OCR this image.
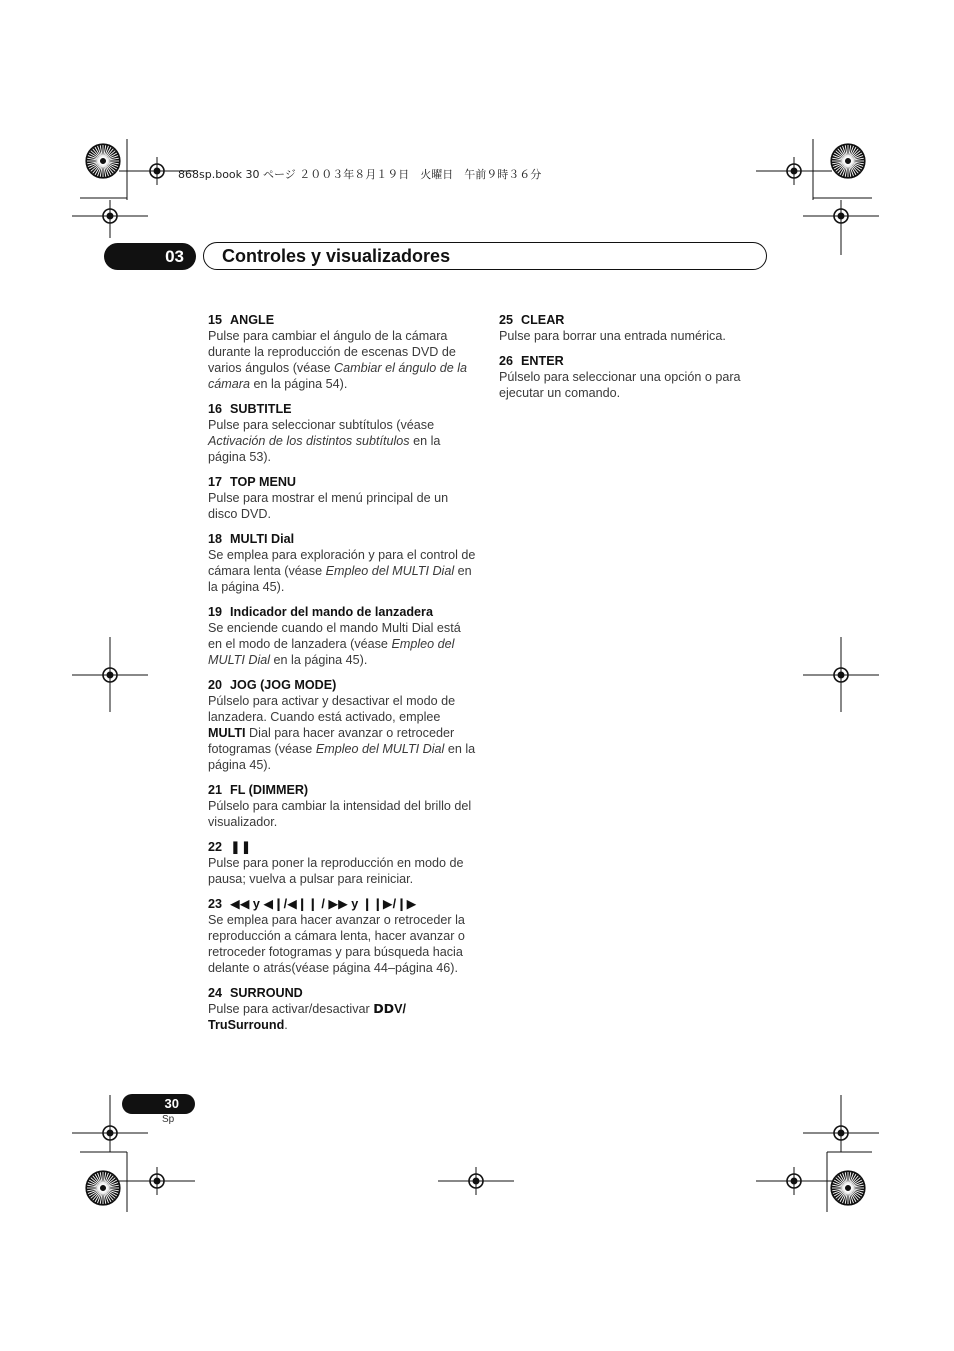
868sp.book 30 ページ ２００３年８月１９日　火曜日　午前９時３６分
03	Controles y visualizadores
15 ANGLE
Pulse para cambiar el ángulo de la cámara durante la reproducción de escenas DVD de varios ángulos (véase Cambiar el ángulo de la cámara en la página 54).
16 SUBTITLE
Pulse para seleccionar subtítulos (véase Activación de los distintos subtítulos en la página 53).
17 TOP MENU
Pulse para mostrar el menú principal de un disco DVD.
18 MULTI Dial
Se emplea para exploración y para el control de cámara lenta (véase Empleo del MULTI Dial en la página 45).
19 Indicador del mando de lanzadera
Se enciende cuando el mando Multi Dial está en el modo de lanzadera (véase Empleo del MULTI Dial en la página 45).
20 JOG (JOG MODE)
Púlselo para activar y desactivar el modo de lanzadera. Cuando está activado, emplee MULTI Dial para hacer avanzar o retroceder fotogramas (véase Empleo del MULTI Dial en la página 45).
21 FL (DIMMER)
Púlselo para cambiar la intensidad del brillo del visualizador.
22 ❚❚
Pulse para poner la reproducción en modo de pausa; vuelva a pulsar para reiniciar.
23 ◀◀ y ◀❙/◀❙❙ / ▶▶ y ❙❙▶/❙▶
Se emplea para hacer avanzar o retroceder la reproducción a cámara lenta, hacer avanzar o retroceder fotogramas y para búsqueda hacia delante o atrás(véase página 44–página 46).
24 SURROUND
Pulse para activar/desactivar ⅮⅮV/ TruSurround.
25 CLEAR
Pulse para borrar una entrada numérica.
26 ENTER
Púlselo para seleccionar una opción o para ejecutar un comando.
30
Sp
